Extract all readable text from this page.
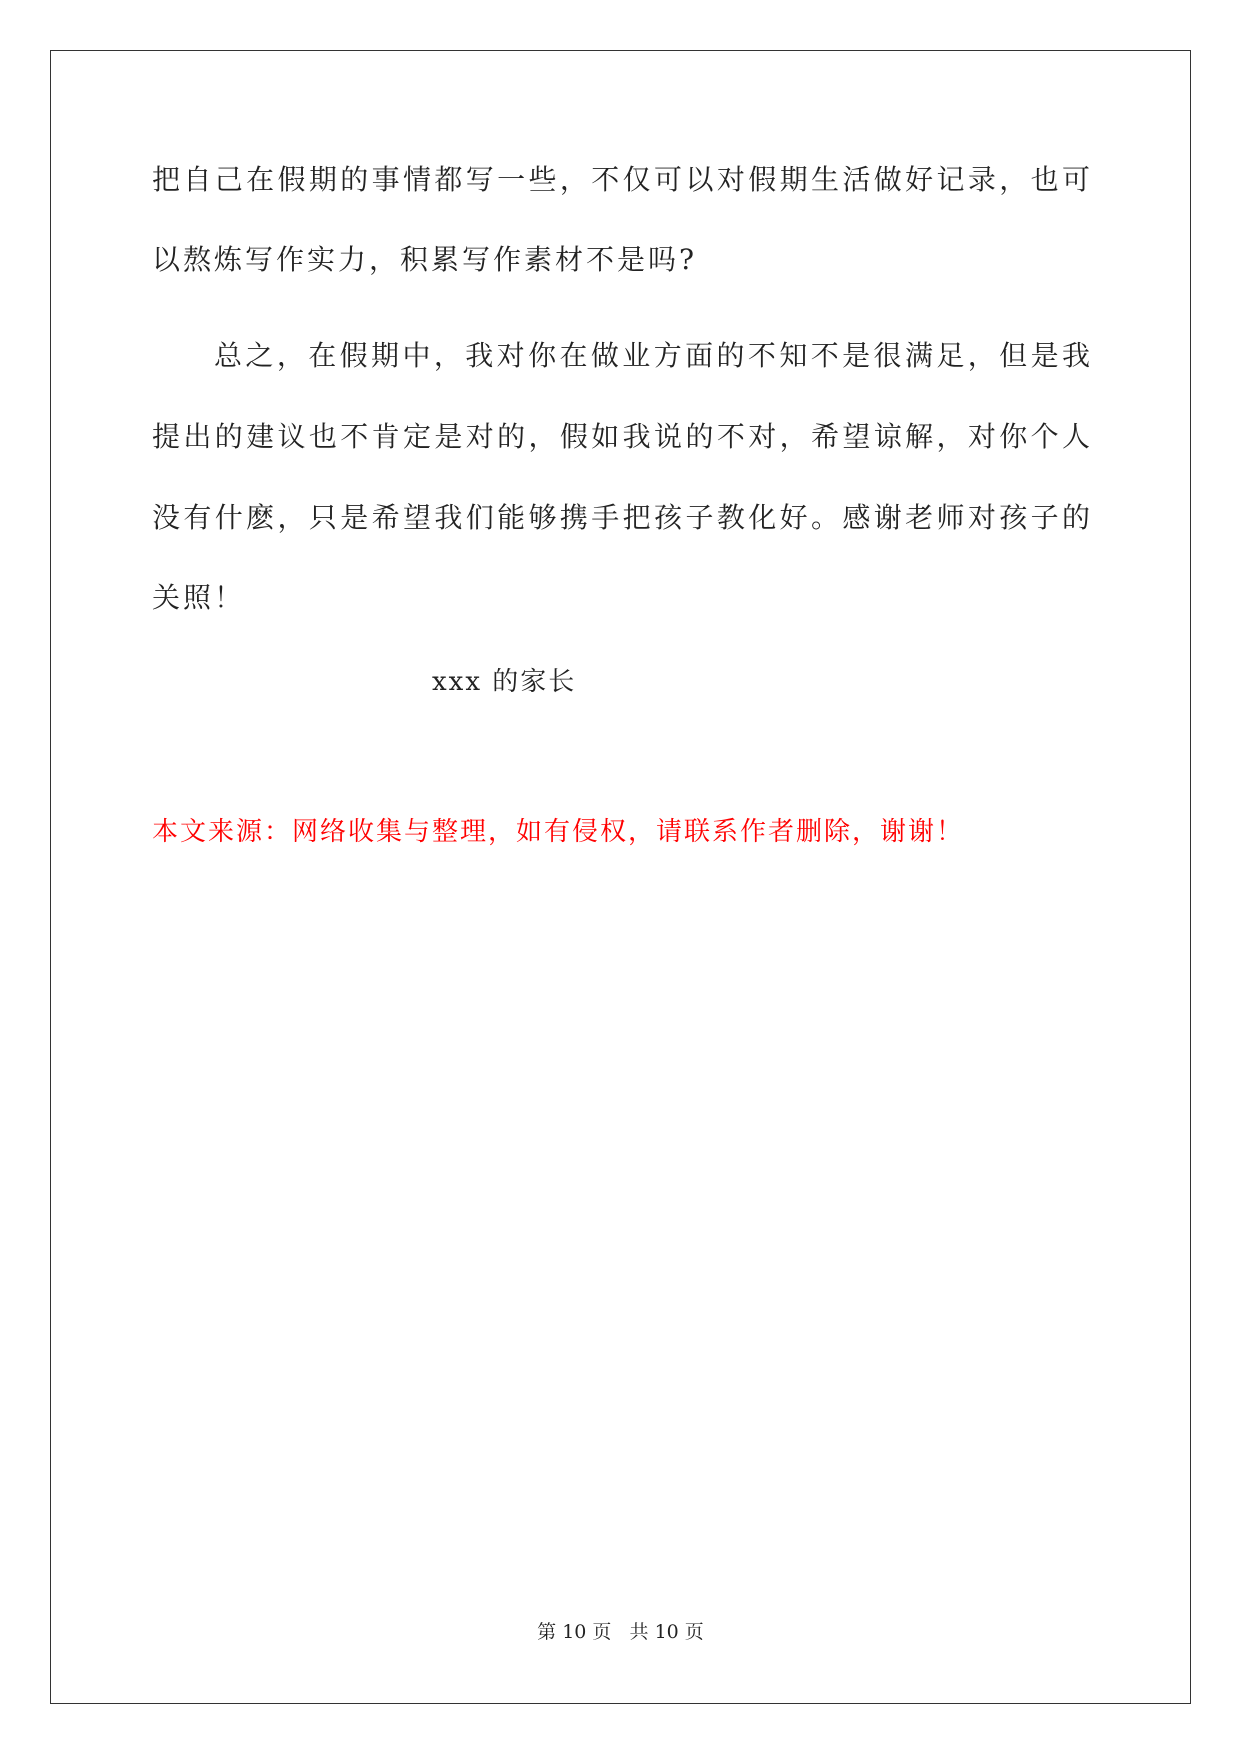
把自己在假期的事情都写一些，不仅可以对假期生活做好记录，也可
以熬炼写作实力，积累写作素材不是吗?
总之，在假期中，我对你在做业方面的不知不是很满足，但是我
提出的建议也不肯定是对的，假如我说的不对，希望谅解，对你个人
没有什麽，只是希望我们能够携手把孩子教化好。感谢老师对孩子的
关照！
xxx 的家长
本文来源：网络收集与整理，如有侵权，请联系作者删除，谢谢！
第 10 页   共 10 页
